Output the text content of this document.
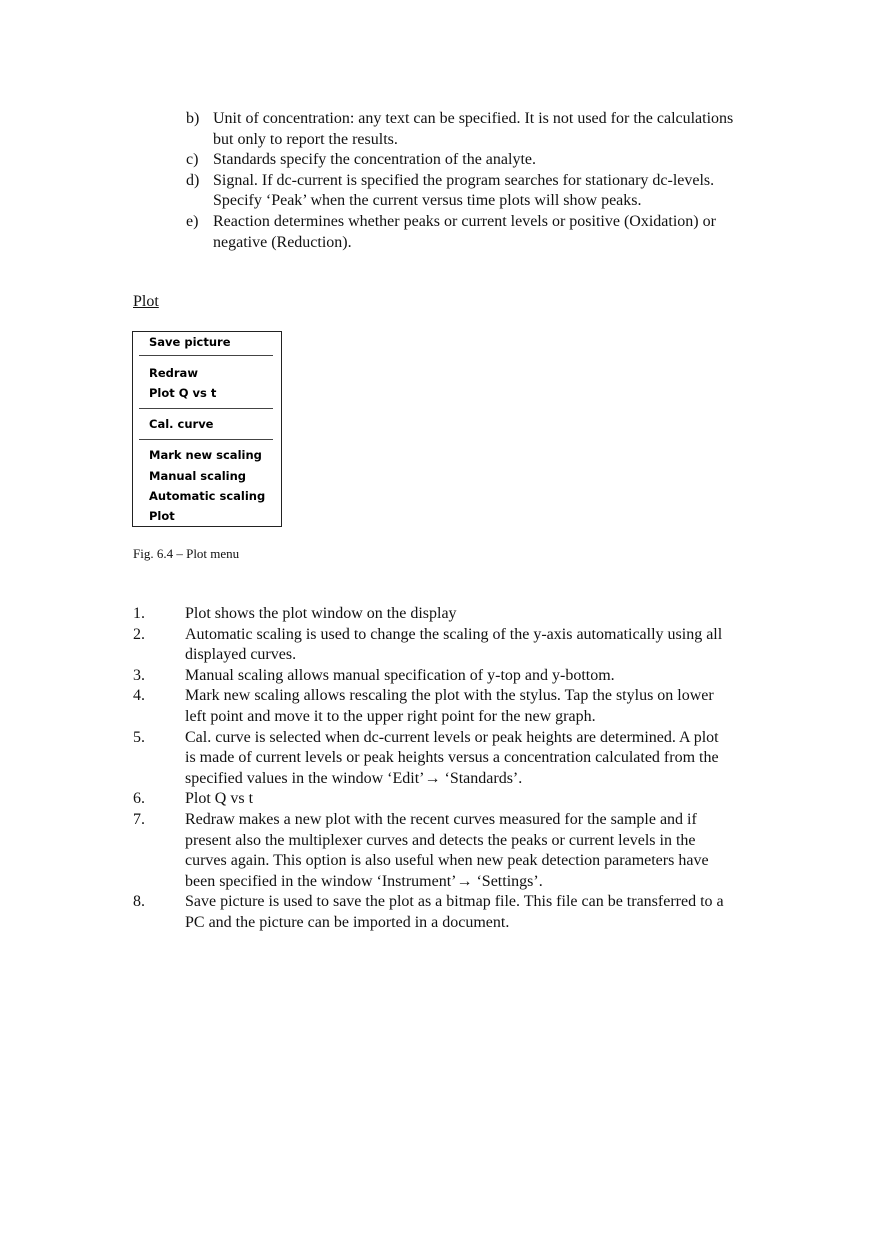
b) Unit of concentration: any text can be specified. It is not used for the calculations but only to report the results.
c) Standards specify the concentration of the analyte.
d) Signal. If dc-current is specified the program searches for stationary dc-levels. Specify ‘Peak’ when the current versus time plots will show peaks.
e) Reaction determines whether peaks or current levels or positive (Oxidation) or negative (Reduction).
Plot
Save picture
Redraw
Plot Q vs t
Cal. curve
Mark new scaling
Manual scaling
Automatic scaling
Plot
Fig. 6.4 – Plot menu
1.	Plot shows the plot window on the display
2.	Automatic scaling is used to change the scaling of the y-axis automatically using all displayed curves.
3.	Manual scaling allows manual specification of y-top and y-bottom.
4.	Mark new scaling allows rescaling the plot with the stylus. Tap the stylus on lower left point and move it to the upper right point for the new graph.
5.	Cal. curve is selected when dc-current levels or peak heights are determined. A plot is made of current levels or peak heights versus a concentration calculated from the specified values in the window ‘Edit’→ ‘Standards’.
6.	Plot Q vs t
7.	Redraw makes a new plot with the recent curves measured for the sample and if present also the multiplexer curves and detects the peaks or current levels in the curves again. This option is also useful when new peak detection parameters have been specified in the window ‘Instrument’→ ‘Settings’.
8.	Save picture is used to save the plot as a bitmap file. This file can be transferred to a PC and the picture can be imported in a document.
